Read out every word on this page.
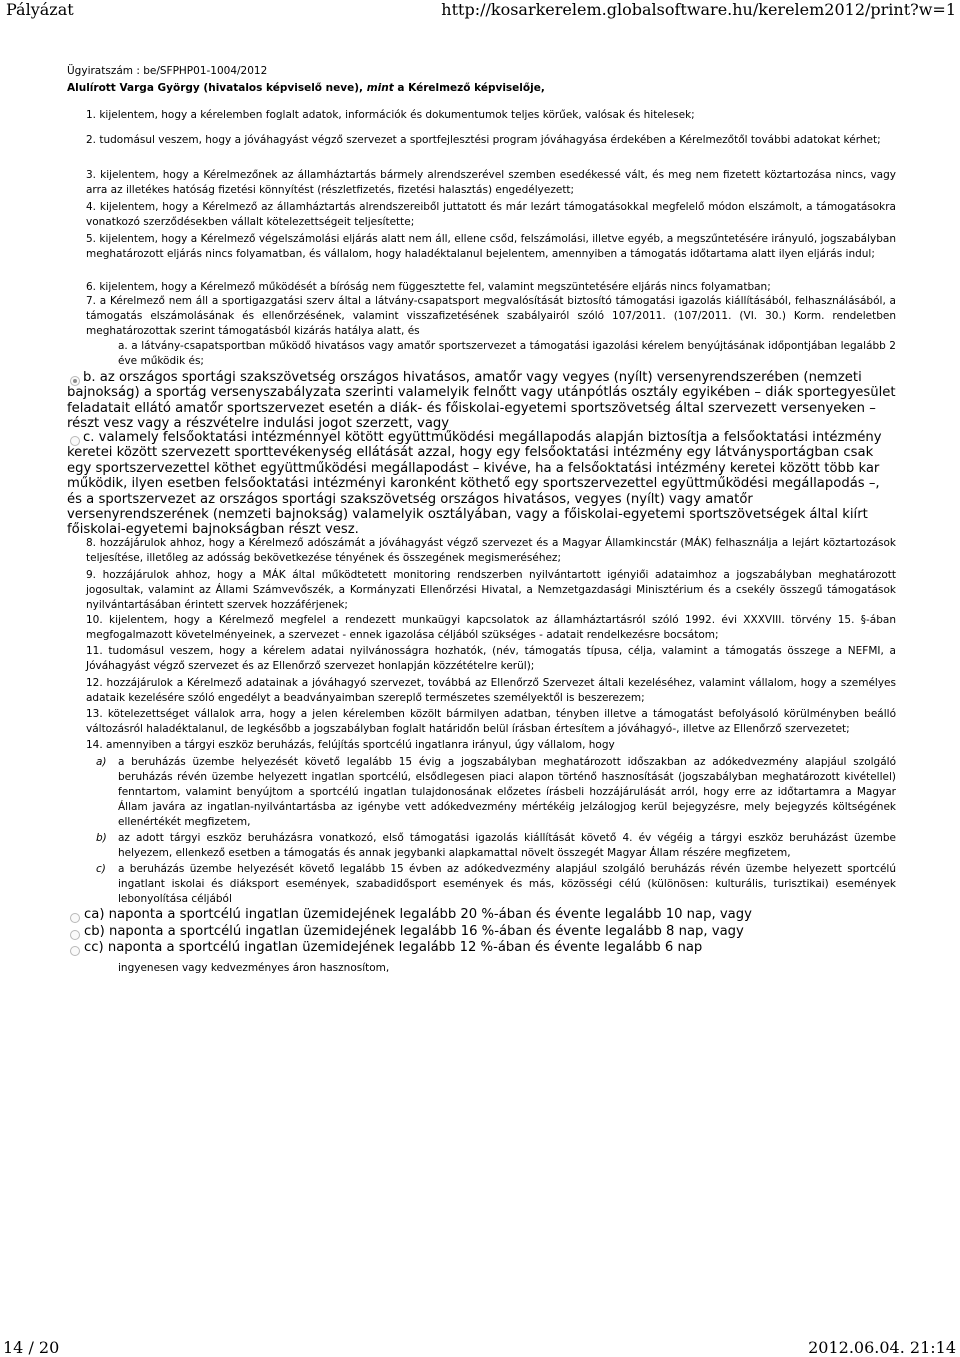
Pályázat	http://kosarkerelem.globalsoftware.hu/kerelem2012/print?w=1
Ügyiratszám : be/SFPHP01-1004/2012
Alulírott Varga György (hivatalos képviselő neve), mint a Kérelmező képviselője,
1. kijelentem, hogy a kérelemben foglalt adatok, információk és dokumentumok teljes körűek, valósak és hitelesek;
2. tudomásul veszem, hogy a jóváhagyást végző szervezet a sportfejlesztési program jóváhagyása érdekében a Kérelmezőtől további adatokat kérhet;
3. kijelentem, hogy a Kérelmezőnek az államháztartás bármely alrendszerével szemben esedékessé vált, és meg nem fizetett köztartozása nincs, vagy arra az illetékes hatóság fizetési könnyítést (részletfizetés, fizetési halasztás) engedélyezett;
4. kijelentem, hogy a Kérelmező az államháztartás alrendszereiből juttatott és már lezárt támogatásokkal megfelelő módon elszámolt, a támogatásokra vonatkozó szerződésekben vállalt kötelezettségeit teljesítette;
5. kijelentem, hogy a Kérelmező végelszámolási eljárás alatt nem áll, ellene csőd, felszámolási, illetve egyéb, a megszűntetésére irányuló, jogszabályban meghatározott eljárás nincs folyamatban, és vállalom, hogy haladéktalanul bejelentem, amennyiben a támogatás időtartama alatt ilyen eljárás indul;
6. kijelentem, hogy a Kérelmező működését a bíróság nem függesztette fel, valamint megszüntetésére eljárás nincs folyamatban;
7. a Kérelmező nem áll a sportigazgatási szerv által a látvány-csapatsport megvalósítását biztosító támogatási igazolás kiállításából, felhasználásából, a támogatás elszámolásának és ellenőrzésének, valamint visszafizetésének szabályairól szóló 107/2011. (107/2011. (VI. 30.) Korm. rendeletben meghatározottak szerint támogatásból kizárás hatálya alatt, és
a. a látvány-csapatsportban működő hivatásos vagy amatőr sportszervezet a támogatási igazolási kérelem benyújtásának időpontjában legalább 2 éve működik és;
b. az országos sportági szakszövetség országos hivatásos, amatőr vagy vegyes (nyílt) versenyrendszerében (nemzeti bajnokság) a sportág versenyszabályzata szerinti valamelyik felnőtt vagy utánpótlás osztály egyikében – diák sportegyesület feladatait ellátó amatőr sportszervezet esetén a diák- és főiskolai-egyetemi sportszövetség által szervezett versenyeken – részt vesz vagy a részvételre indulási jogot szerzett, vagy
c. valamely felsőoktatási intézménnyel kötött együttműködési megállapodás alapján biztosítja a felsőoktatási intézmény keretei között szervezett sporttevékenység ellátását azzal, hogy egy felsőoktatási intézmény egy látványsportágban csak egy sportszervezettel köthet együttműködési megállapodást – kivéve, ha a felsőoktatási intézmény keretei között több kar működik, ilyen esetben felsőoktatási intézményi karonként köthető egy sportszervezettel együttműködési megállapodás –, és a sportszervezet az országos sportági szakszövetség országos hivatásos, vegyes (nyílt) vagy amatőr versenyrendszerének (nemzeti bajnokság) valamelyik osztályában, vagy a főiskolai-egyetemi sportszövetségek által kiírt főiskolai-egyetemi bajnokságban részt vesz.
8. hozzájárulok ahhoz, hogy a Kérelmező adószámát a jóváhagyást végző szervezet és a Magyar Államkincstár (MÁK) felhasználja a lejárt köztartozások teljesítése, illetőleg az adósság bekövetkezése tényének és összegének megismeréséhez;
9. hozzájárulok ahhoz, hogy a MÁK által működtetett monitoring rendszerben nyilvántartott igényiői adataimhoz a jogszabályban meghatározott jogosultak, valamint az Állami Számvevőszék, a Kormányzati Ellenőrzési Hivatal, a Nemzetgazdasági Minisztérium és a csekély összegű támogatások nyilvántartásában érintett szervek hozzáférjenek;
10. kijelentem, hogy a Kérelmező megfelel a rendezett munkaügyi kapcsolatok az államháztartásról szóló 1992. évi XXXVIII. törvény 15. §-ában megfogalmazott követelményeinek, a szervezet - ennek igazolása céljából szükséges - adatait rendelkezésre bocsátom;
11. tudomásul veszem, hogy a kérelem adatai nyilvánosságra hozhatók, (név, támogatás típusa, célja, valamint a támogatás összege a NEFMI, a Jóváhagyást végző szervezet és az Ellenőrző szervezet honlapján közzétételre kerül);
12. hozzájárulok a Kérelmező adatainak a jóváhagyó szervezet, továbbá az Ellenőrző Szervezet általi kezeléséhez, valamint vállalom, hogy a személyes adataik kezelésére szóló engedélyt a beadványaimban szereplő természetes személyektől is beszerezem;
13. kötelezettséget vállalok arra, hogy a jelen kérelemben közölt bármilyen adatban, tényben illetve a támogatást befolyásoló körülményben beálló változásról haladéktalanul, de legkésőbb a jogszabályban foglalt határidőn belül írásban értesítem a jóváhagyó-, illetve az Ellenőrző szervezetet;
14. amennyiben a tárgyi eszköz beruházás, felújítás sportcélú ingatlanra irányul, úgy vállalom, hogy
a) a beruházás üzembe helyezését követő legalább 15 évig a jogszabályban meghatározott időszakban az adókedvezmény alapjául szolgáló beruházás révén üzembe helyezett ingatlan sportcélú, elsődlegesen piaci alapon történő hasznosítását (jogszabályban meghatározott kivétellel) fenntartom, valamint benyújtom a sportcélú ingatlan tulajdonosának előzetes írásbeli hozzájárulását arról, hogy erre az időtartamra a Magyar Állam javára az ingatlan-nyilvántartásba az igénybe vett adókedvezmény mértékéig jelzálogjog kerül bejegyzésre, mely bejegyzés költségének ellenértékét megfizetem,
b) az adott tárgyi eszköz beruházásra vonatkozó, első támogatási igazolás kiállítását követő 4. év végéig a tárgyi eszköz beruházást üzembe helyezem, ellenkező esetben a támogatás és annak jegybanki alapkamattal növelt összegét Magyar Állam részére megfizetem,
c) a beruházás üzembe helyezését követő legalább 15 évben az adókedvezmény alapjául szolgáló beruházás révén üzembe helyezett sportcélú ingatlant iskolai és diáksport események, szabadidősport események és más, közösségi célú (különösen: kulturális, turisztikai) események lebonyolítása céljából
ca) naponta a sportcélú ingatlan üzemidejének legalább 20 %-ában és évente legalább 10 nap, vagy
cb) naponta a sportcélú ingatlan üzemidejének legalább 16 %-ában és évente legalább 8 nap, vagy
cc) naponta a sportcélú ingatlan üzemidejének legalább 12 %-ában és évente legalább 6 nap
ingyenesen vagy kedvezményes áron hasznosítom,
14 / 20	2012.06.04. 21:14
